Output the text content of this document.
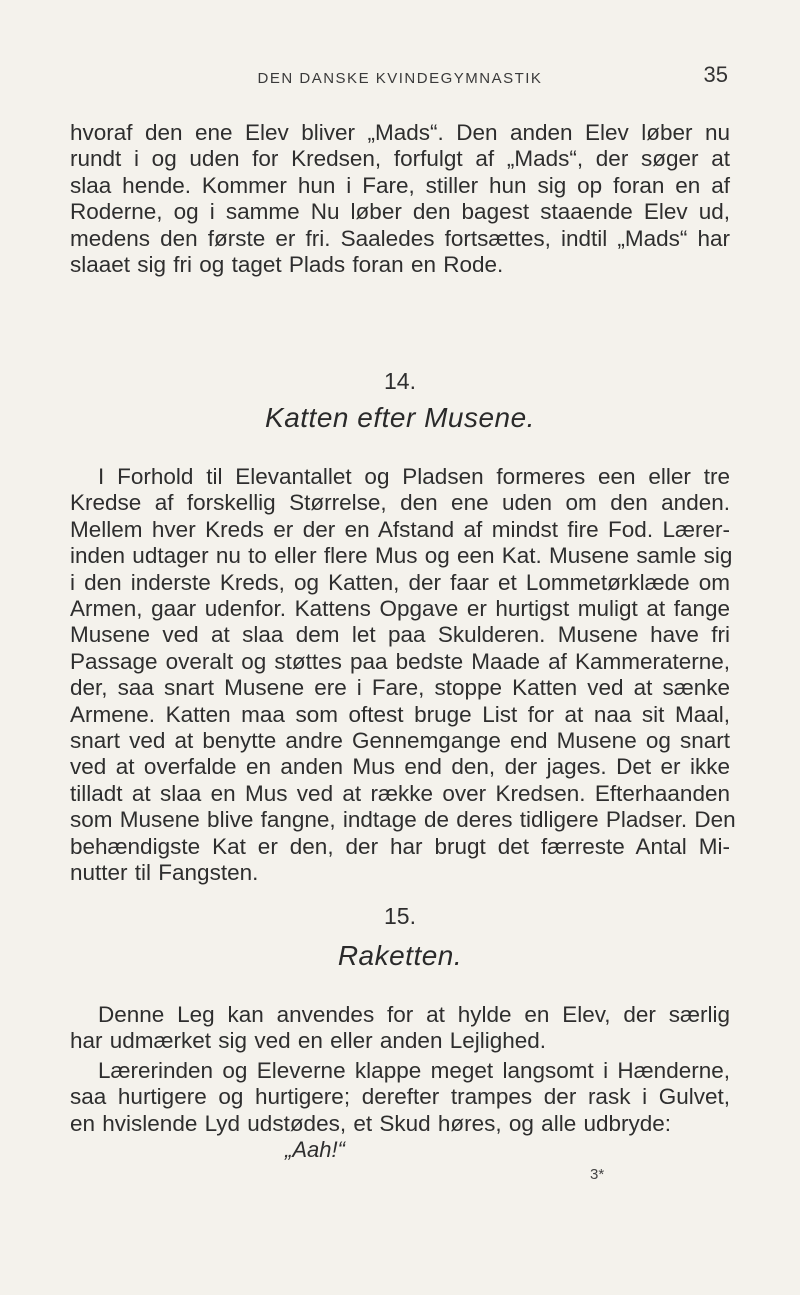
DEN DANSKE KVINDEGYMNASTIK	35
hvoraf den ene Elev bliver „Mads“. Den anden Elev løber nu
rundt i og uden for Kredsen, forfulgt af „Mads“, der søger at
slaa hende. Kommer hun i Fare, stiller hun sig op foran en af
Roderne, og i samme Nu løber den bagest staaende Elev ud,
medens den første er fri. Saaledes fortsættes, indtil „Mads“ har
slaaet sig fri og taget Plads foran en Rode.
14.
Katten efter Musene.
I Forhold til Elevantallet og Pladsen formeres een eller tre
Kredse af forskellig Størrelse, den ene uden om den anden.
Mellem hver Kreds er der en Afstand af mindst fire Fod. Lærer-
inden udtager nu to eller flere Mus og een Kat. Musene samle sig
i den inderste Kreds, og Katten, der faar et Lommetørklæde om
Armen, gaar udenfor. Kattens Opgave er hurtigst muligt at fange
Musene ved at slaa dem let paa Skulderen. Musene have fri
Passage overalt og støttes paa bedste Maade af Kammeraterne,
der, saa snart Musene ere i Fare, stoppe Katten ved at sænke
Armene. Katten maa som oftest bruge List for at naa sit Maal,
snart ved at benytte andre Gennemgange end Musene og snart
ved at overfalde en anden Mus end den, der jages. Det er ikke
tilladt at slaa en Mus ved at række over Kredsen. Efterhaanden
som Musene blive fangne, indtage de deres tidligere Pladser. Den
behændigste Kat er den, der har brugt det færreste Antal Mi-
nutter til Fangsten.
15.
Raketten.
Denne Leg kan anvendes for at hylde en Elev, der særlig
har udmærket sig ved en eller anden Lejlighed.
Lærerinden og Eleverne klappe meget langsomt i Hænderne,
saa hurtigere og hurtigere; derefter trampes der rask i Gulvet,
en hvislende Lyd udstødes, et Skud høres, og alle udbryde:
„Aah!“
3*
